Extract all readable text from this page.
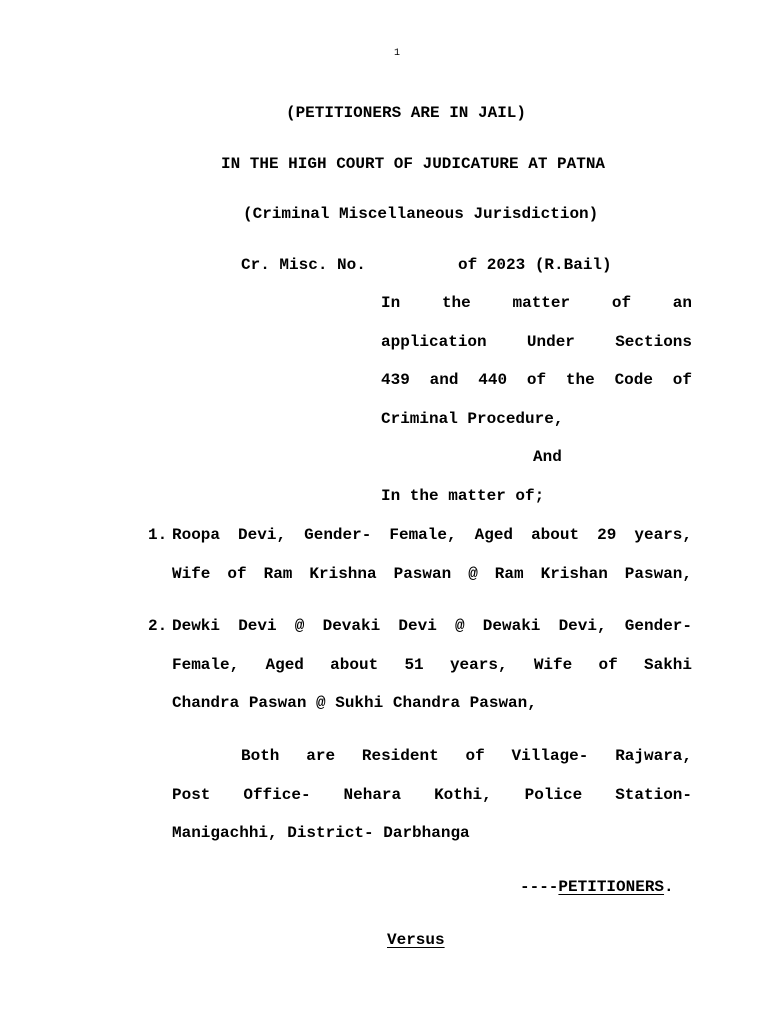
1
(PETITIONERS ARE IN JAIL)
IN THE HIGH COURT OF JUDICATURE AT PATNA
(Criminal Miscellaneous Jurisdiction)
Cr. Misc. No.	of 2023 (R.Bail)
In the matter of an
application Under Sections
439 and 440 of the Code of
Criminal Procedure,
And
In the matter of;
1. Roopa Devi, Gender- Female, Aged about 29 years,
Wife of Ram Krishna Paswan @ Ram Krishan Paswan,
2. Dewki Devi @ Devaki Devi @ Dewaki Devi, Gender-
Female, Aged about 51 years, Wife of Sakhi
Chandra Paswan @ Sukhi Chandra Paswan,
Both are Resident of Village- Rajwara,
Post Office- Nehara Kothi, Police Station-
Manigachhi, District- Darbhanga
----PETITIONERS.
Versus
